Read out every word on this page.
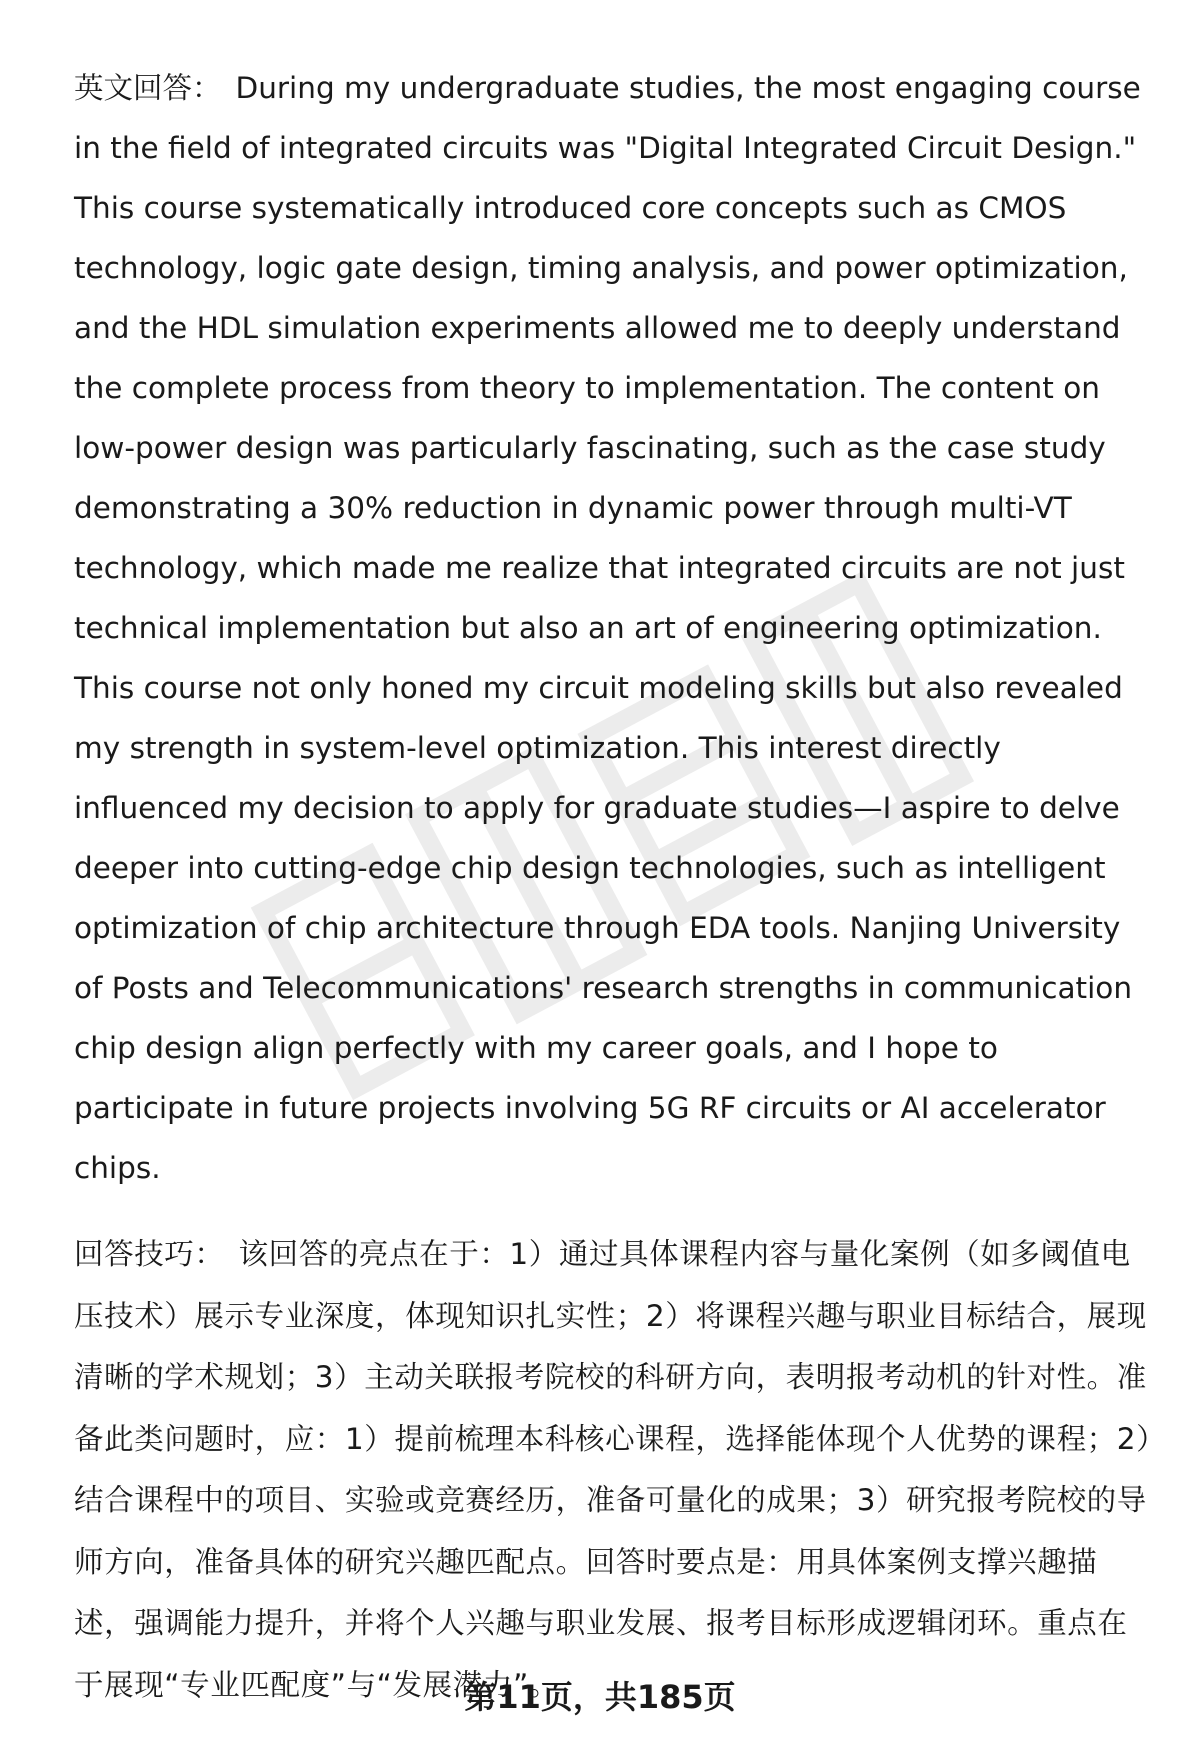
英文回答： During my undergraduate studies, the most engaging course in the field of integrated circuits was "Digital Integrated Circuit Design." This course systematically introduced core concepts such as CMOS technology, logic gate design, timing analysis, and power optimization, and the HDL simulation experiments allowed me to deeply understand the complete process from theory to implementation. The content on low-power design was particularly fascinating, such as the case study demonstrating a 30% reduction in dynamic power through multi-VT technology, which made me realize that integrated circuits are not just technical implementation but also an art of engineering optimization. This course not only honed my circuit modeling skills but also revealed my strength in system-level optimization. This interest directly influenced my decision to apply for graduate studies—I aspire to delve deeper into cutting-edge chip design technologies, such as intelligent optimization of chip architecture through EDA tools. Nanjing University of Posts and Telecommunications' research strengths in communication chip design align perfectly with my career goals, and I hope to participate in future projects involving 5G RF circuits or AI accelerator chips.

回答技巧： 该回答的亮点在于：1）通过具体课程内容与量化案例（如多阈值电压技术）展示专业深度，体现知识扎实性；2）将课程兴趣与职业目标结合，展现清晰的学术规划；3）主动关联报考院校的科研方向，表明报考动机的针对性。准备此类问题时，应：1）提前梳理本科核心课程，选择能体现个人优势的课程；2）结合课程中的项目、实验或竞赛经历，准备可量化的成果；3）研究报考院校的导师方向，准备具体的研究兴趣匹配点。回答时要点是：用具体案例支撑兴趣描述，强调能力提升，并将个人兴趣与职业发展、报考目标形成逻辑闭环。重点在于展现“专业匹配度”与“发展潜力”。

第11页，共185页
